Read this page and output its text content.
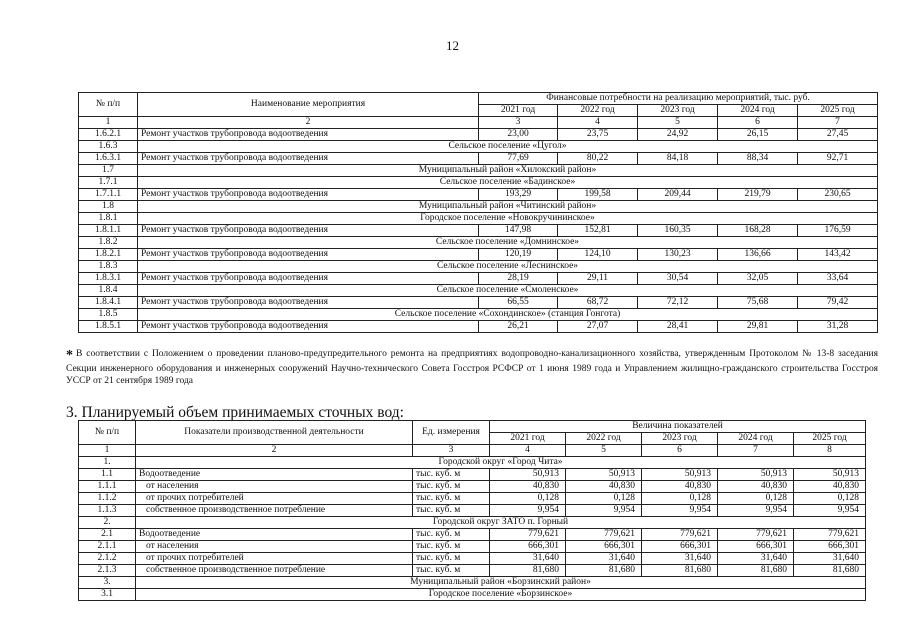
12
№ п/п	Наименование мероприятия	Финансовые потребности на реализацию мероприятий, тыс. руб.				
		2021 год	2022 год	2023 год	2024 год	2025 год
1	2	3	4	5	6	7
1.6.2.1	Ремонт участков трубопровода водоотведения	23,00	23,75	24,92	26,15	27,45
1.6.3	Сельское поселение «Цугол»					
1.6.3.1	Ремонт участков трубопровода водоотведения	77,69	80,22	84,18	88,34	92,71
1.7	Муниципальный район «Хилокский район»					
1.7.1	Сельское поселение «Бадинское»					
1.7.1.1	Ремонт участков трубопровода водоотведения	193,29	199,58	209,44	219,79	230,65
1.8	Муниципальный район «Читинский район»					
1.8.1	Городское поселение «Новокручининское»					
1.8.1.1	Ремонт участков трубопровода водоотведения	147,98	152,81	160,35	168,28	176,59
1.8.2	Сельское поселение «Домнинское»					
1.8.2.1	Ремонт участков трубопровода водоотведения	120,19	124,10	130,23	136,66	143,42
1.8.3	Сельское поселение «Леснинское»					
1.8.3.1	Ремонт участков трубопровода водоотведения	28,19	29,11	30,54	32,05	33,64
1.8.4	Сельское поселение «Смоленское»					
1.8.4.1	Ремонт участков трубопровода водоотведения	66,55	68,72	72,12	75,68	79,42
1.8.5	Сельское поселение «Сохондинское» (станция Гонгота)					
1.8.5.1	Ремонт участков трубопровода водоотведения	26,21	27,07	28,41	29,81	31,28
* В соответствии с Положением о проведении планово-предупредительного ремонта на предприятиях водопроводно-канализационного хозяйства, утвержденным Протоколом № 13-8 заседания Секции инженерного оборудования и инженерных сооружений Научно-технического Совета Госстроя РСФСР от 1 июня 1989 года и Управлением жилищно-гражданского строительства Госстроя УССР от 21 сентября 1989 года
3. Планируемый объем принимаемых сточных вод:
№ п/п	Показатели производственной деятельности	Ед. измерения	Величина показателей				
			2021 год	2022 год	2023 год	2024 год	2025 год
1	2	3	4	5	6	7	8
1.	Городской округ «Город Чита»						
1.1	Водоотведение	тыс. куб. м	50,913	50,913	50,913	50,913	50,913
1.1.1	от населения	тыс. куб. м	40,830	40,830	40,830	40,830	40,830
1.1.2	от прочих потребителей	тыс. куб. м	0,128	0,128	0,128	0,128	0,128
1.1.3	собственное производственное потребление	тыс. куб. м	9,954	9,954	9,954	9,954	9,954
2.	Городской округ ЗАТО п. Горный						
2.1	Водоотведение	тыс. куб. м	779,621	779,621	779,621	779,621	779,621
2.1.1	от населения	тыс. куб. м	666,301	666,301	666,301	666,301	666,301
2.1.2	от прочих потребителей	тыс. куб. м	31,640	31,640	31,640	31,640	31,640
2.1.3	собственное производственное потребление	тыс. куб. м	81,680	81,680	81,680	81,680	81,680
3.	Муниципальный район «Борзинский район»						
3.1	Городское поселение «Борзинское»						
